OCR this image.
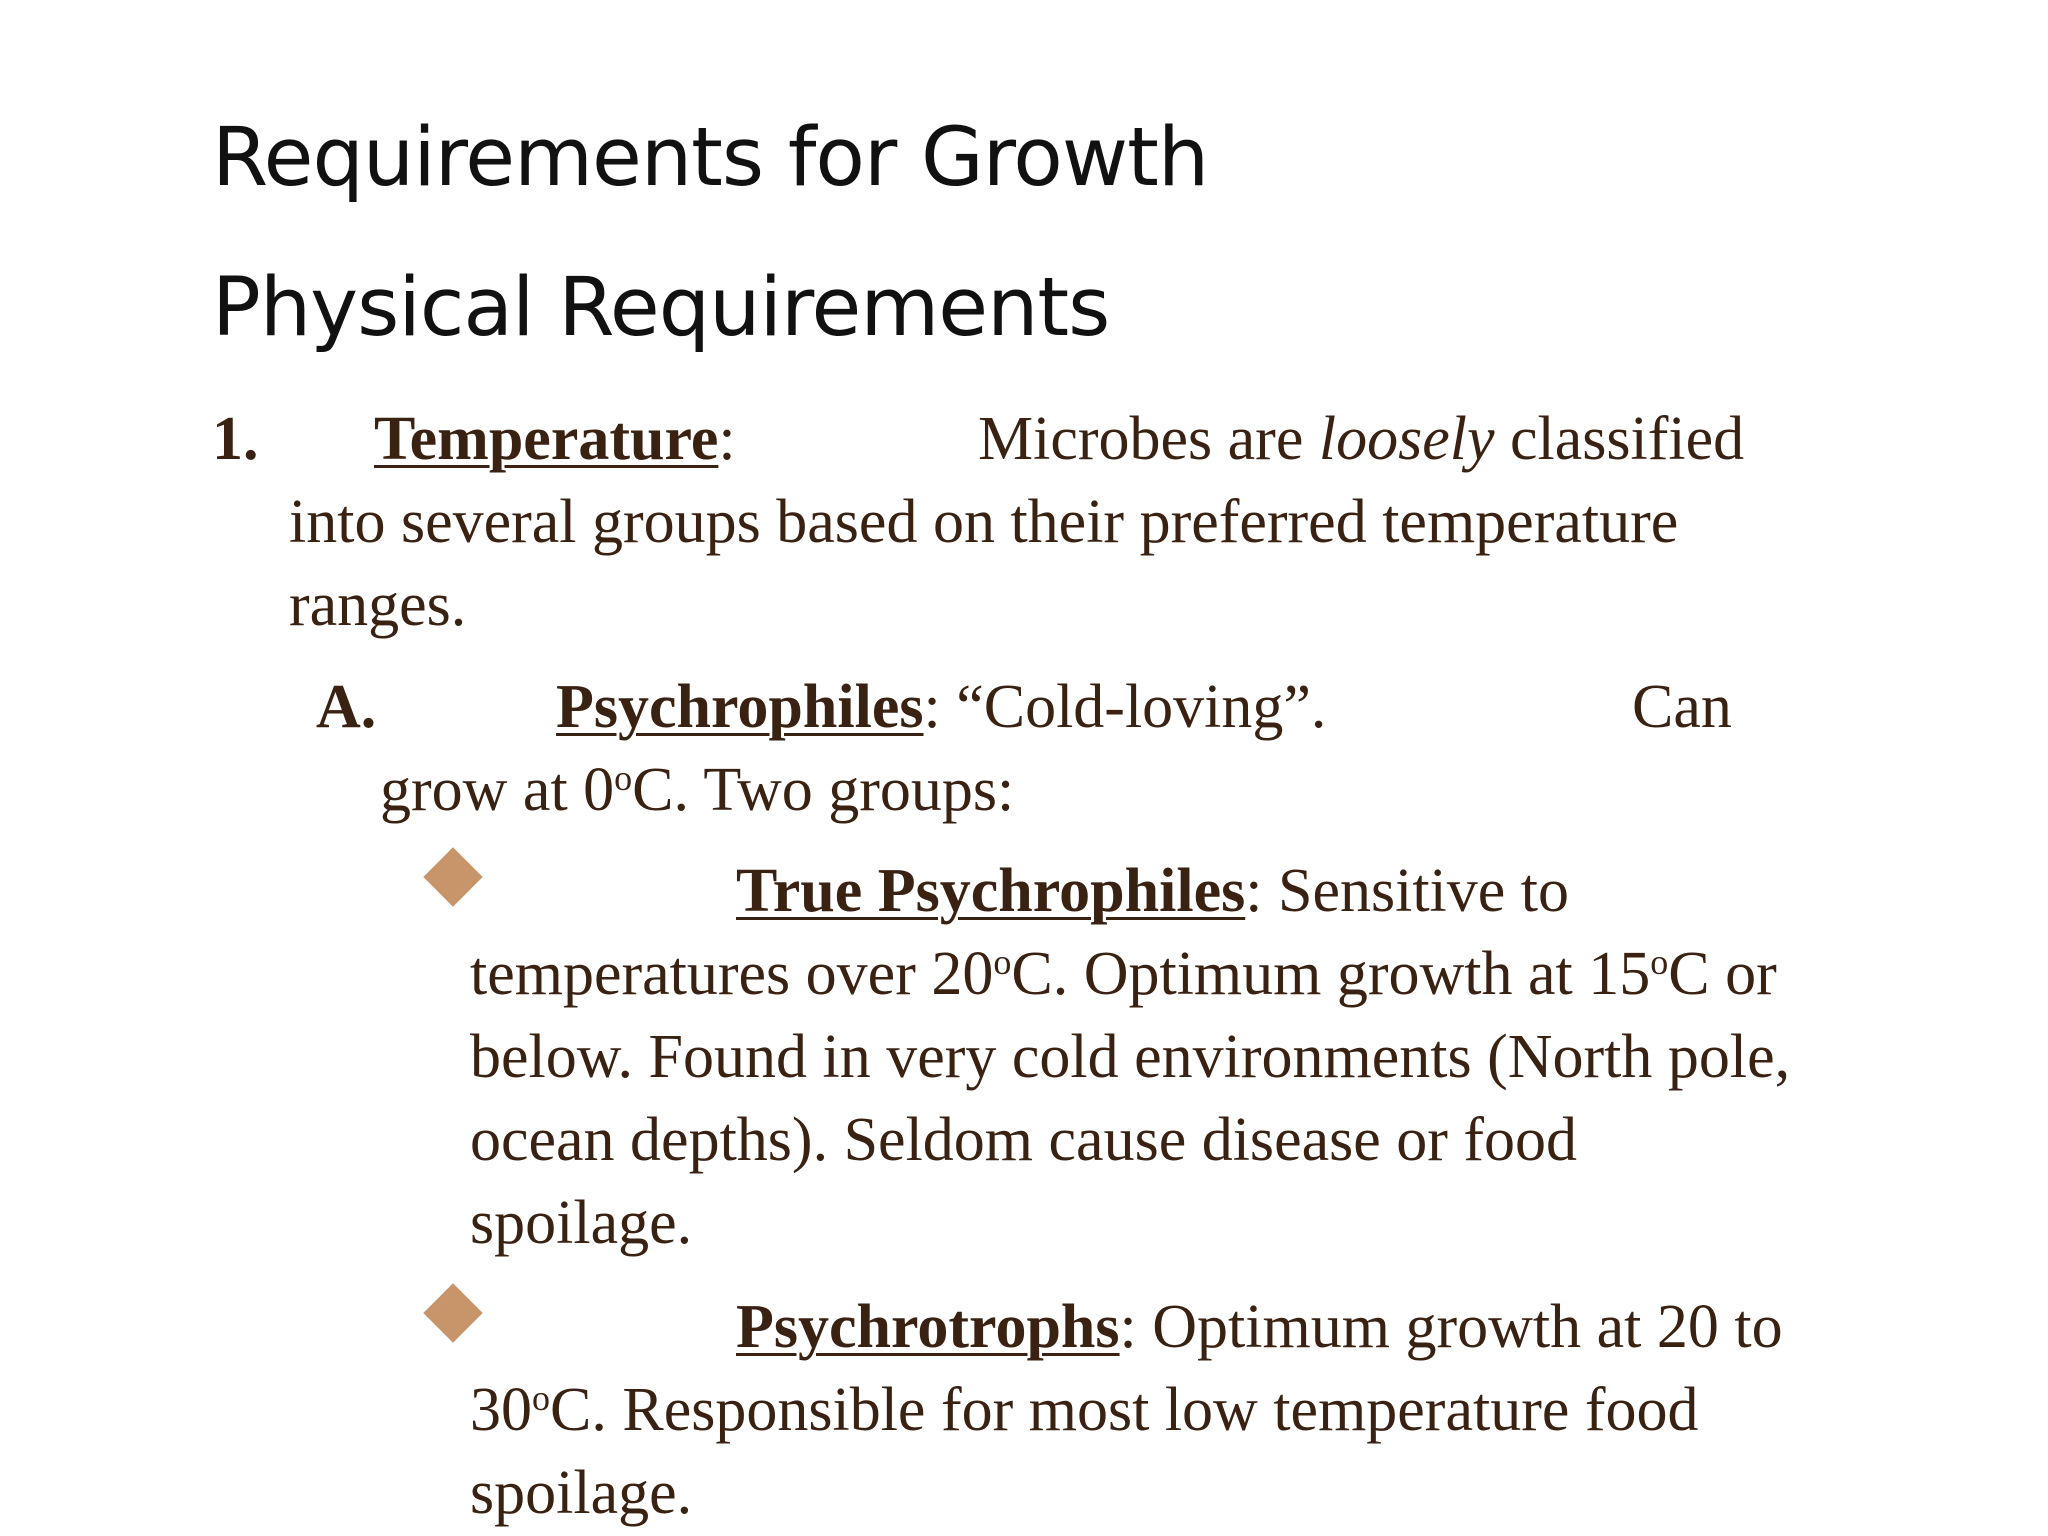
Requirements for Growth
Physical Requirements
1. Temperature:	Microbes are loosely classified
into several groups based on their preferred temperature
ranges.
A.	Psychrophiles: “Cold-loving”.	Can
grow at 0$^o$C. Two groups:
True Psychrophiles: Sensitive to
temperatures over 20$^o$C. Optimum growth at 15$^o$C or
below. Found in very cold environments (North pole,
ocean depths). Seldom cause disease or food
spoilage.
Psychrotrophs: Optimum growth at 20 to
30$^o$C. Responsible for most low temperature food
spoilage.
